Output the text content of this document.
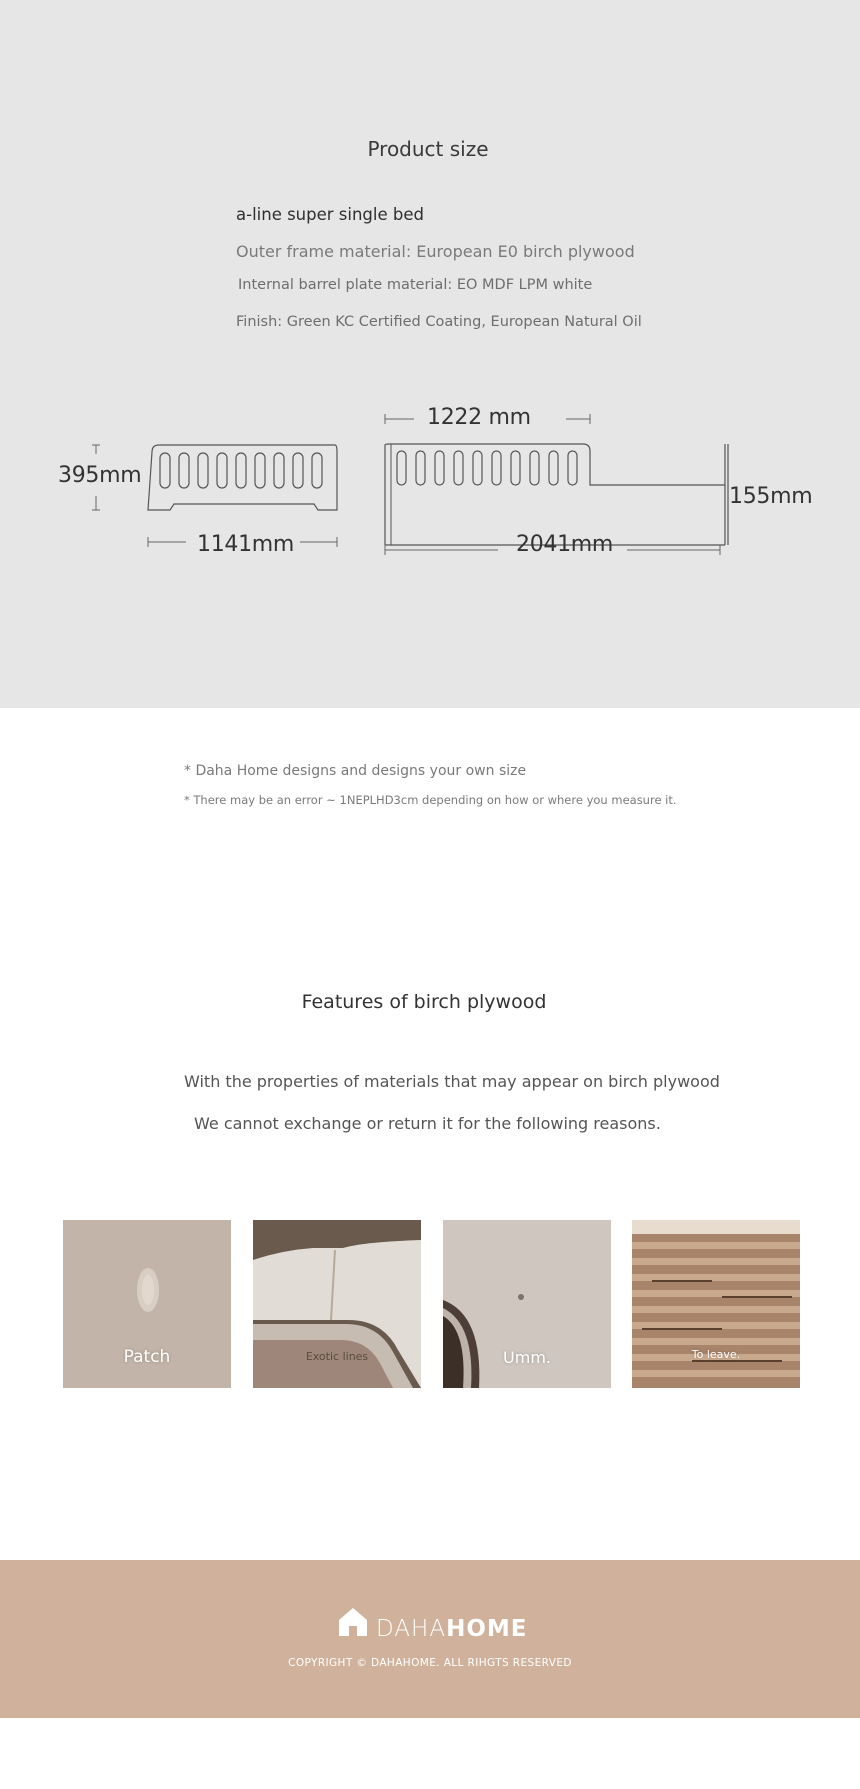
Product size
a-line super single bed
Outer frame material: European E0 birch plywood
Internal barrel plate material: EO MDF LPM white
Finish: Green KC Certified Coating, European Natural Oil
395mm
1141mm
1222 mm
2041mm
155mm
* Daha Home designs and designs your own size
* There may be an error ~ 1NEPLHD3cm depending on how or where you measure it.
Features of birch plywood
With the properties of materials that may appear on birch plywood
We cannot exchange or return it for the following reasons.
Patch	Exotic lines	Umm.	To leave.
DAHAHOME
COPYRIGHT © DAHAHOME. ALL RIHGTS RESERVED
